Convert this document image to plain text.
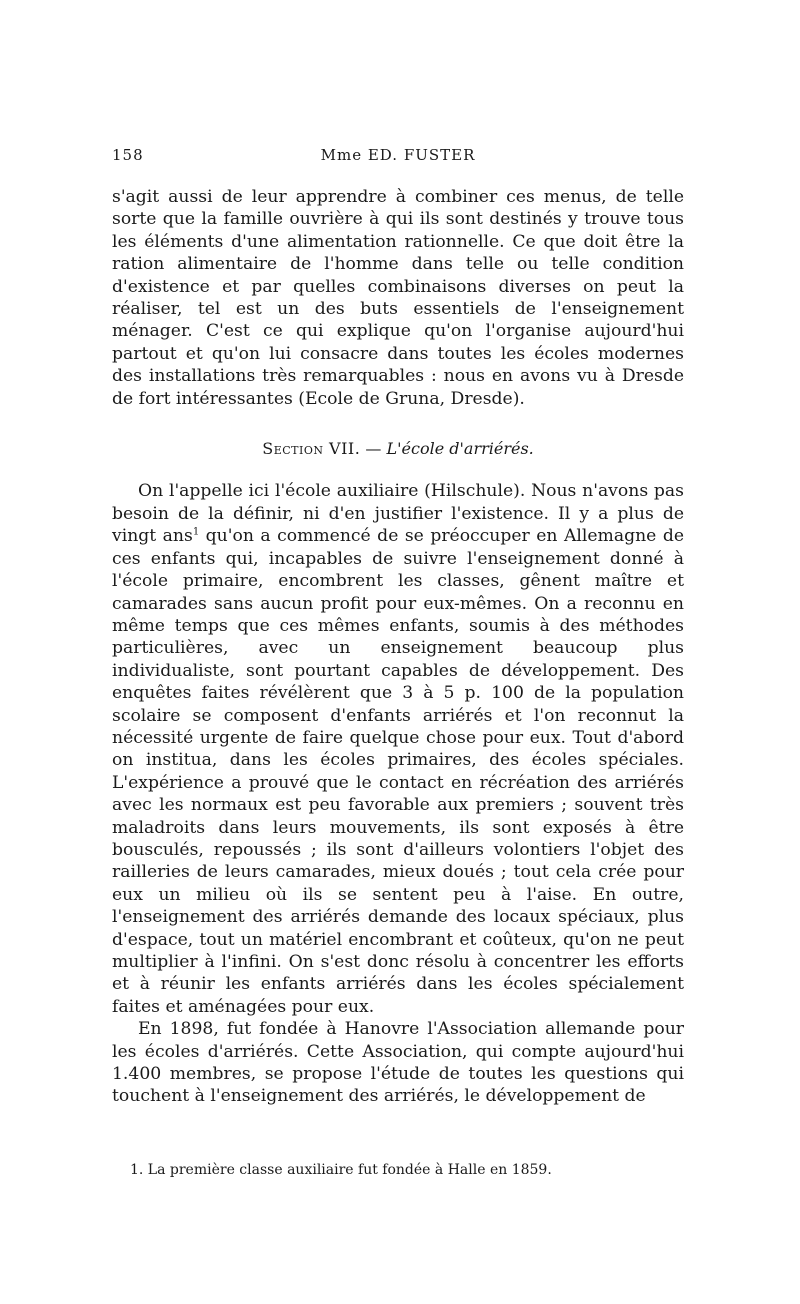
158	Mme ED. FUSTER

s'agit aussi de leur apprendre à combiner ces menus, de telle sorte que la famille ouvrière à qui ils sont destinés y trouve tous les éléments d'une alimentation rationnelle. Ce que doit être la ration alimentaire de l'homme dans telle ou telle condition d'existence et par quelles combinaisons diverses on peut la réaliser, tel est un des buts essentiels de l'enseignement ménager. C'est ce qui explique qu'on l'organise aujourd'hui partout et qu'on lui consacre dans toutes les écoles modernes des installations très remarquables : nous en avons vu à Dresde de fort intéressantes (Ecole de Gruna, Dresde).

Section VII. — L'école d'arriérés.

On l'appelle ici l'école auxiliaire (Hilschule). Nous n'avons pas besoin de la définir, ni d'en justifier l'existence. Il y a plus de vingt ans$^1$ qu'on a commencé de se préoccuper en Allemagne de ces enfants qui, incapables de suivre l'enseignement donné à l'école primaire, encombrent les classes, gênent maître et camarades sans aucun profit pour eux-mêmes. On a reconnu en même temps que ces mêmes enfants, soumis à des méthodes particulières, avec un enseignement beaucoup plus individualiste, sont pourtant capables de développement. Des enquêtes faites révélèrent que 3 à 5 p. 100 de la population scolaire se composent d'enfants arriérés et l'on reconnut la nécessité urgente de faire quelque chose pour eux. Tout d'abord on institua, dans les écoles primaires, des écoles spéciales. L'expérience a prouvé que le contact en récréation des arriérés avec les normaux est peu favorable aux premiers ; souvent très maladroits dans leurs mouvements, ils sont exposés à être bousculés, repoussés ; ils sont d'ailleurs volontiers l'objet des railleries de leurs camarades, mieux doués ; tout cela crée pour eux un milieu où ils se sentent peu à l'aise. En outre, l'enseignement des arriérés demande des locaux spéciaux, plus d'espace, tout un matériel encombrant et coûteux, qu'on ne peut multiplier à l'infini. On s'est donc résolu à concentrer les efforts et à réunir les enfants arriérés dans les écoles spécialement faites et aménagées pour eux.

En 1898, fut fondée à Hanovre l'Association allemande pour les écoles d'arriérés. Cette Association, qui compte aujourd'hui 1.400 membres, se propose l'étude de toutes les questions qui touchent à l'enseignement des arriérés, le développement de

1. La première classe auxiliaire fut fondée à Halle en 1859.
